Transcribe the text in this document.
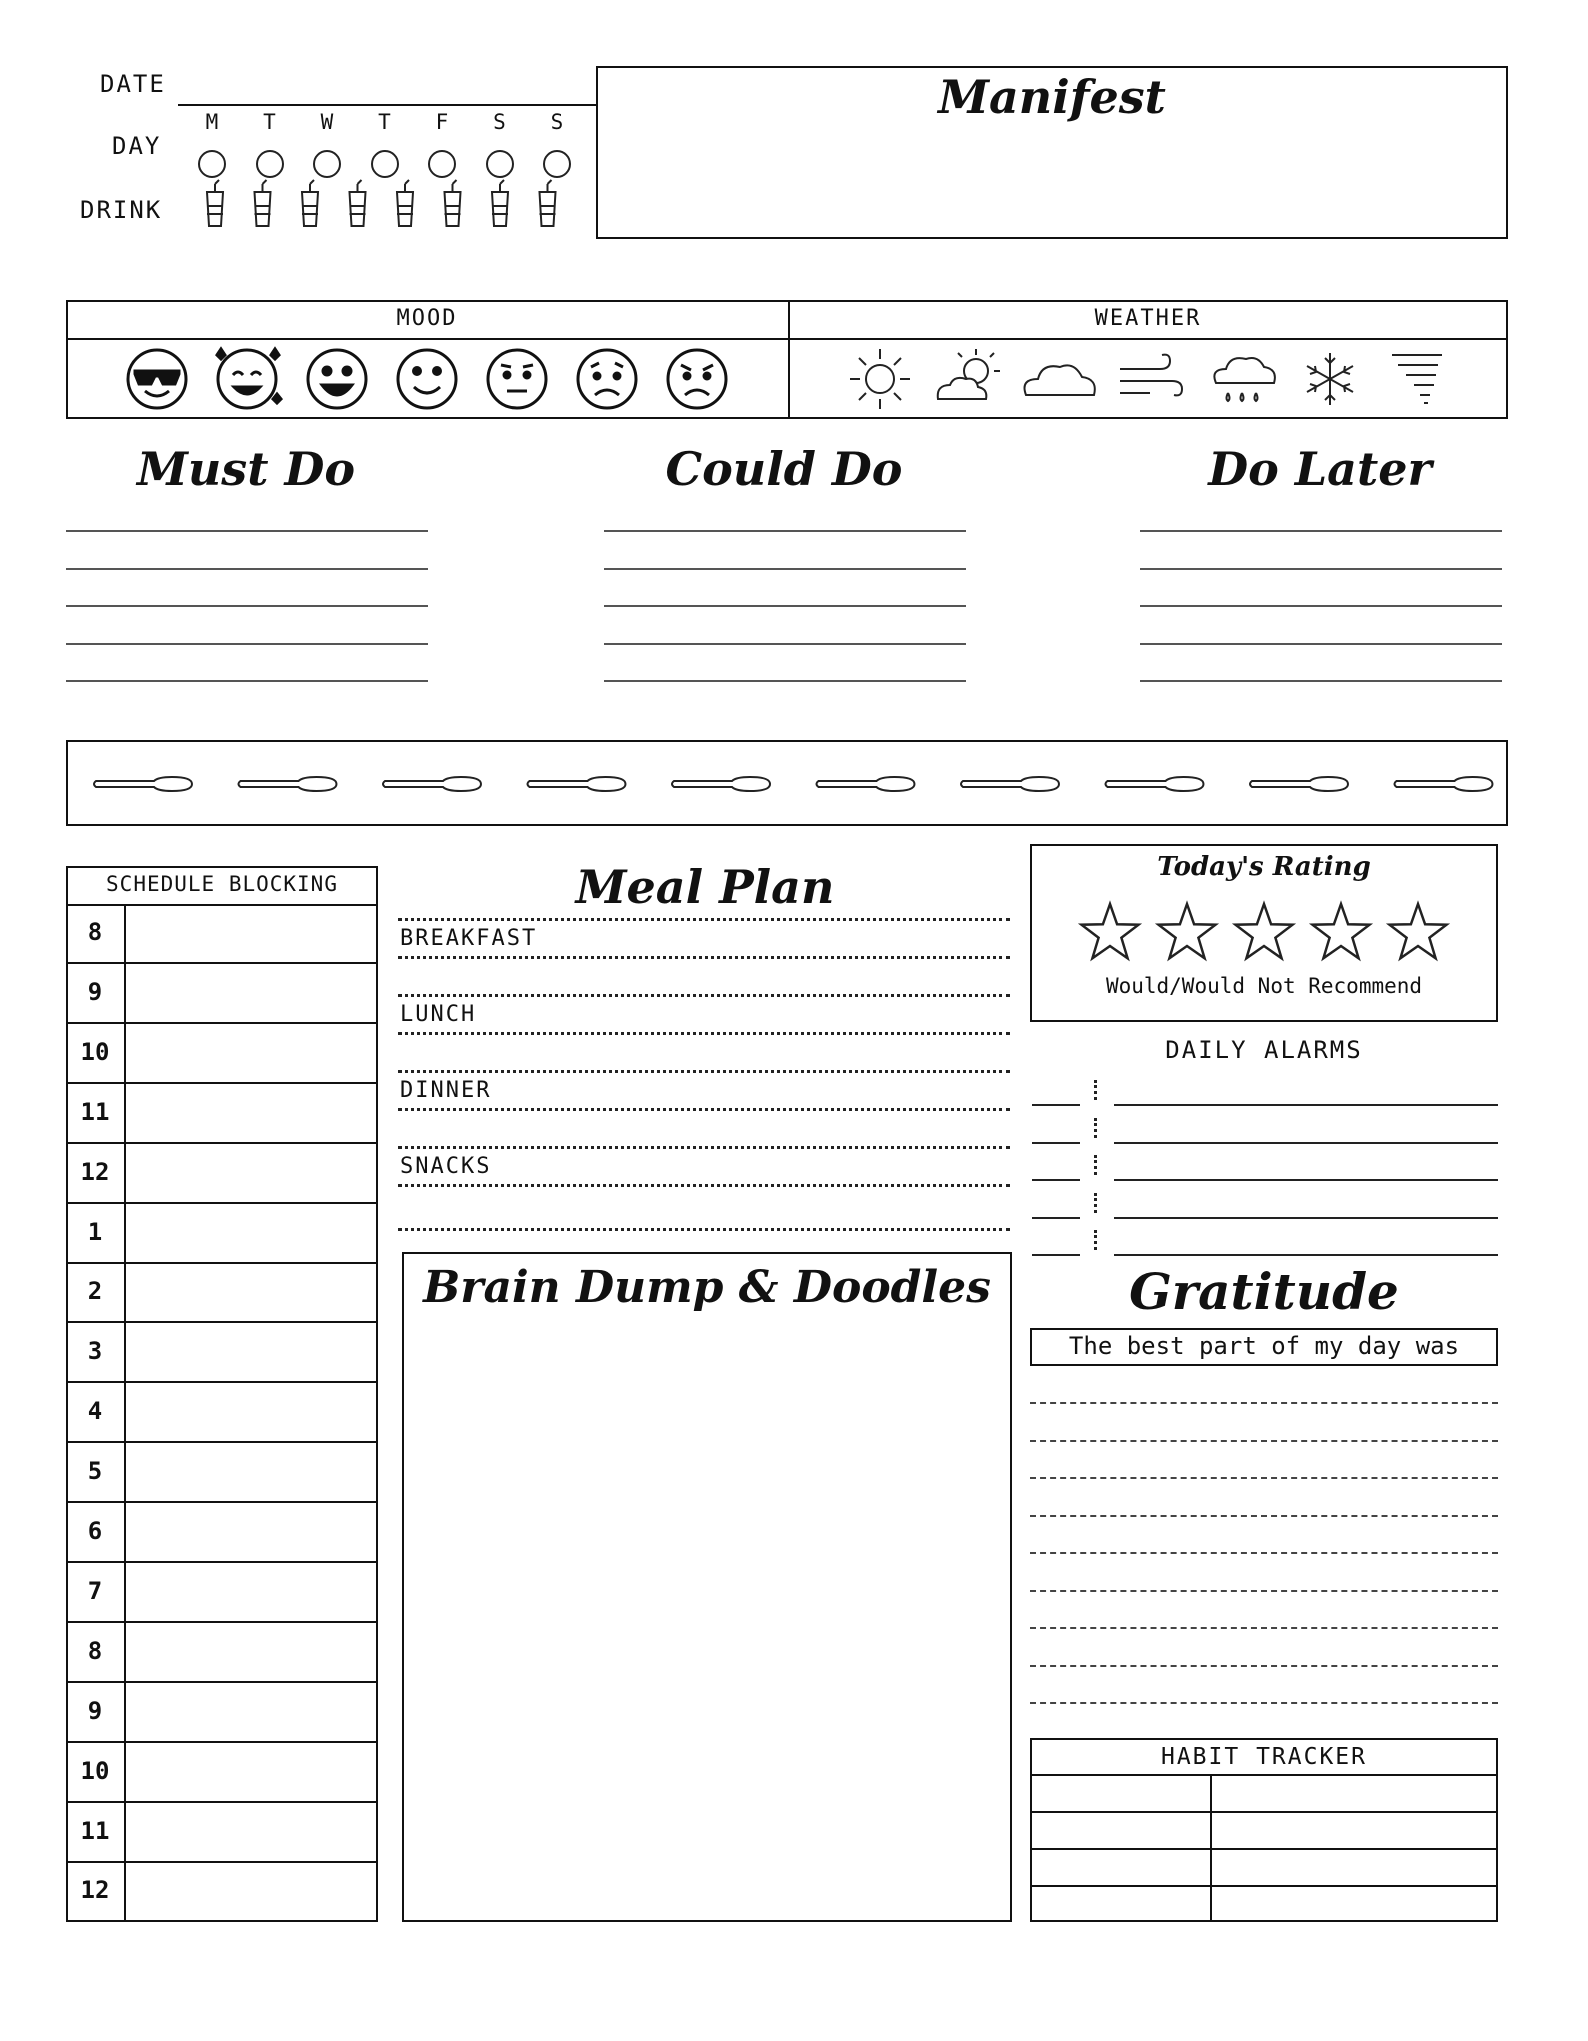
DATE
DAY
DRINK
M T W T F S S	Manifest
MOOD	WEATHER
Must Do	Could Do	Do Later
SCHEDULE BLOCKING
8
9
10
11
12
1
2
3
4
5
6
7
8
9
10
11
12
Meal Plan
BREAKFAST
LUNCH
DINNER
SNACKS
Today's Rating
Would/Would Not Recommend
DAILY ALARMS
Brain Dump & Doodles	Gratitude
The best part of my day was
HABIT TRACKER
